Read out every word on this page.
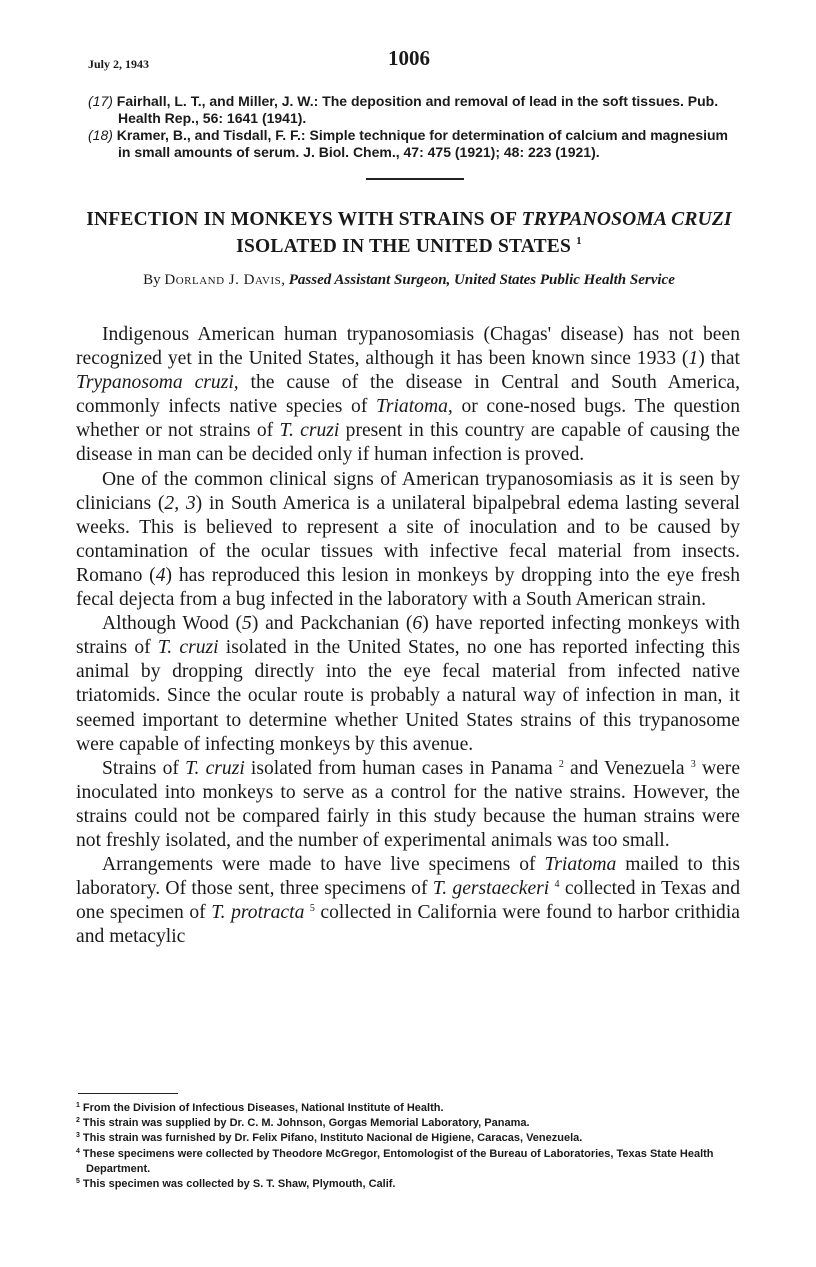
July 2, 1943	1006
(17) Fairhall, L. T., and Miller, J. W.: The deposition and removal of lead in the soft tissues. Pub. Health Rep., 56: 1641 (1941).
(18) Kramer, B., and Tisdall, F. F.: Simple technique for determination of calcium and magnesium in small amounts of serum. J. Biol. Chem., 47: 475 (1921); 48: 223 (1921).
INFECTION IN MONKEYS WITH STRAINS OF TRYPANOSOMA CRUZI ISOLATED IN THE UNITED STATES $^1$
By Dorland J. Davis, Passed Assistant Surgeon, United States Public Health Service

Indigenous American human trypanosomiasis (Chagas' disease) has not been recognized yet in the United States, although it has been known since 1933 (1) that Trypanosoma cruzi, the cause of the disease in Central and South America, commonly infects native species of Triatoma, or cone-nosed bugs. The question whether or not strains of T. cruzi present in this country are capable of causing the disease in man can be decided only if human infection is proved.

One of the common clinical signs of American trypanosomiasis as it is seen by clinicians (2, 3) in South America is a unilateral bipalpebral edema lasting several weeks. This is believed to represent a site of inoculation and to be caused by contamination of the ocular tissues with infective fecal material from insects. Romano (4) has reproduced this lesion in monkeys by dropping into the eye fresh fecal dejecta from a bug infected in the laboratory with a South American strain.

Although Wood (5) and Packchanian (6) have reported infecting monkeys with strains of T. cruzi isolated in the United States, no one has reported infecting this animal by dropping directly into the eye fecal material from infected native triatomids. Since the ocular route is probably a natural way of infection in man, it seemed important to determine whether United States strains of this trypanosome were capable of infecting monkeys by this avenue.

Strains of T. cruzi isolated from human cases in Panama $^2$ and Venezuela $^3$ were inoculated into monkeys to serve as a control for the native strains. However, the strains could not be compared fairly in this study because the human strains were not freshly isolated, and the number of experimental animals was too small.

Arrangements were made to have live specimens of Triatoma mailed to this laboratory. Of those sent, three specimens of T. gerstaeckeri $^4$ collected in Texas and one specimen of T. protracta $^5$ collected in California were found to harbor crithidia and metacylic

$^1$ From the Division of Infectious Diseases, National Institute of Health.
$^2$ This strain was supplied by Dr. C. M. Johnson, Gorgas Memorial Laboratory, Panama.
$^3$ This strain was furnished by Dr. Felix Pifano, Instituto Nacional de Higiene, Caracas, Venezuela.
$^4$ These specimens were collected by Theodore McGregor, Entomologist of the Bureau of Laboratories, Texas State Health Department.
$^5$ This specimen was collected by S. T. Shaw, Plymouth, Calif.
